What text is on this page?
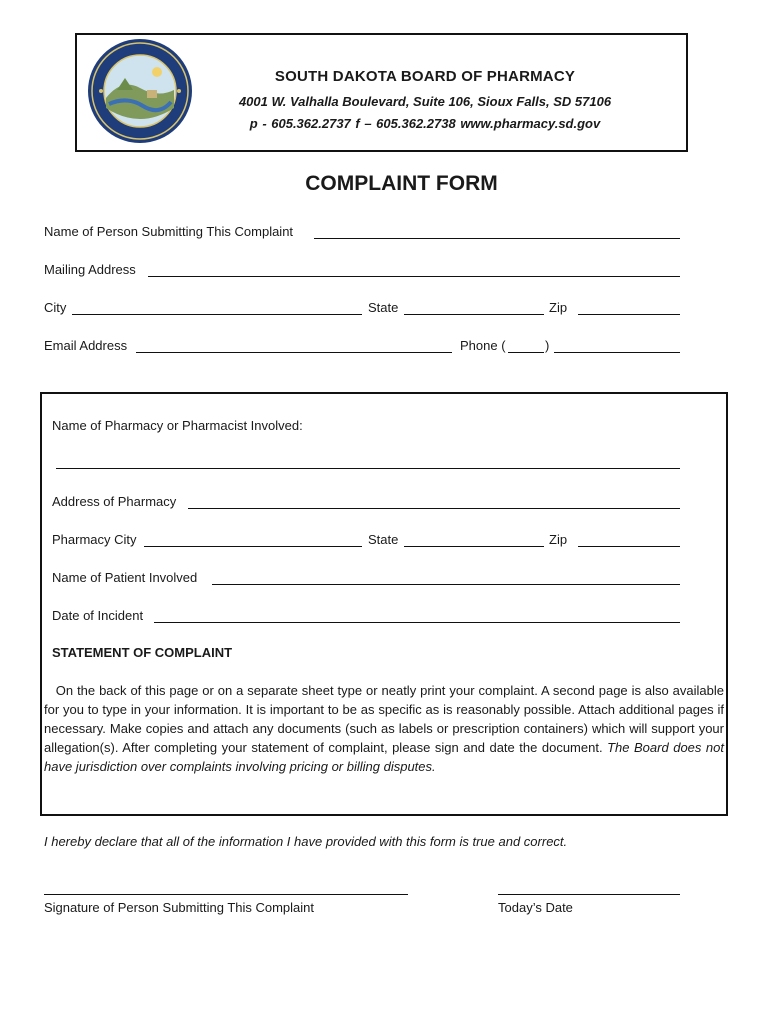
SOUTH DAKOTA BOARD OF PHARMACY
4001 W. Valhalla Boulevard, Suite 106, Sioux Falls, SD 57106
p - 605.362.2737 f – 605.362.2738 www.pharmacy.sd.gov
COMPLAINT FORM
Name of Person Submitting This Complaint
Mailing Address
City	State	Zip
Email Address	Phone (	)
Name of Pharmacy or Pharmacist Involved:
Address of Pharmacy
Pharmacy City	State	Zip
Name of Patient Involved
Date of Incident
STATEMENT OF COMPLAINT
On the back of this page or on a separate sheet type or neatly print your complaint. A second page is also available for you to type in your information. It is important to be as specific as is reasonably possible. Attach additional pages if necessary. Make copies and attach any documents (such as labels or prescription containers) which will support your allegation(s). After completing your statement of complaint, please sign and date the document. The Board does not have jurisdiction over complaints involving pricing or billing disputes.
I hereby declare that all of the information I have provided with this form is true and correct.
Signature of Person Submitting This Complaint	Today’s Date
